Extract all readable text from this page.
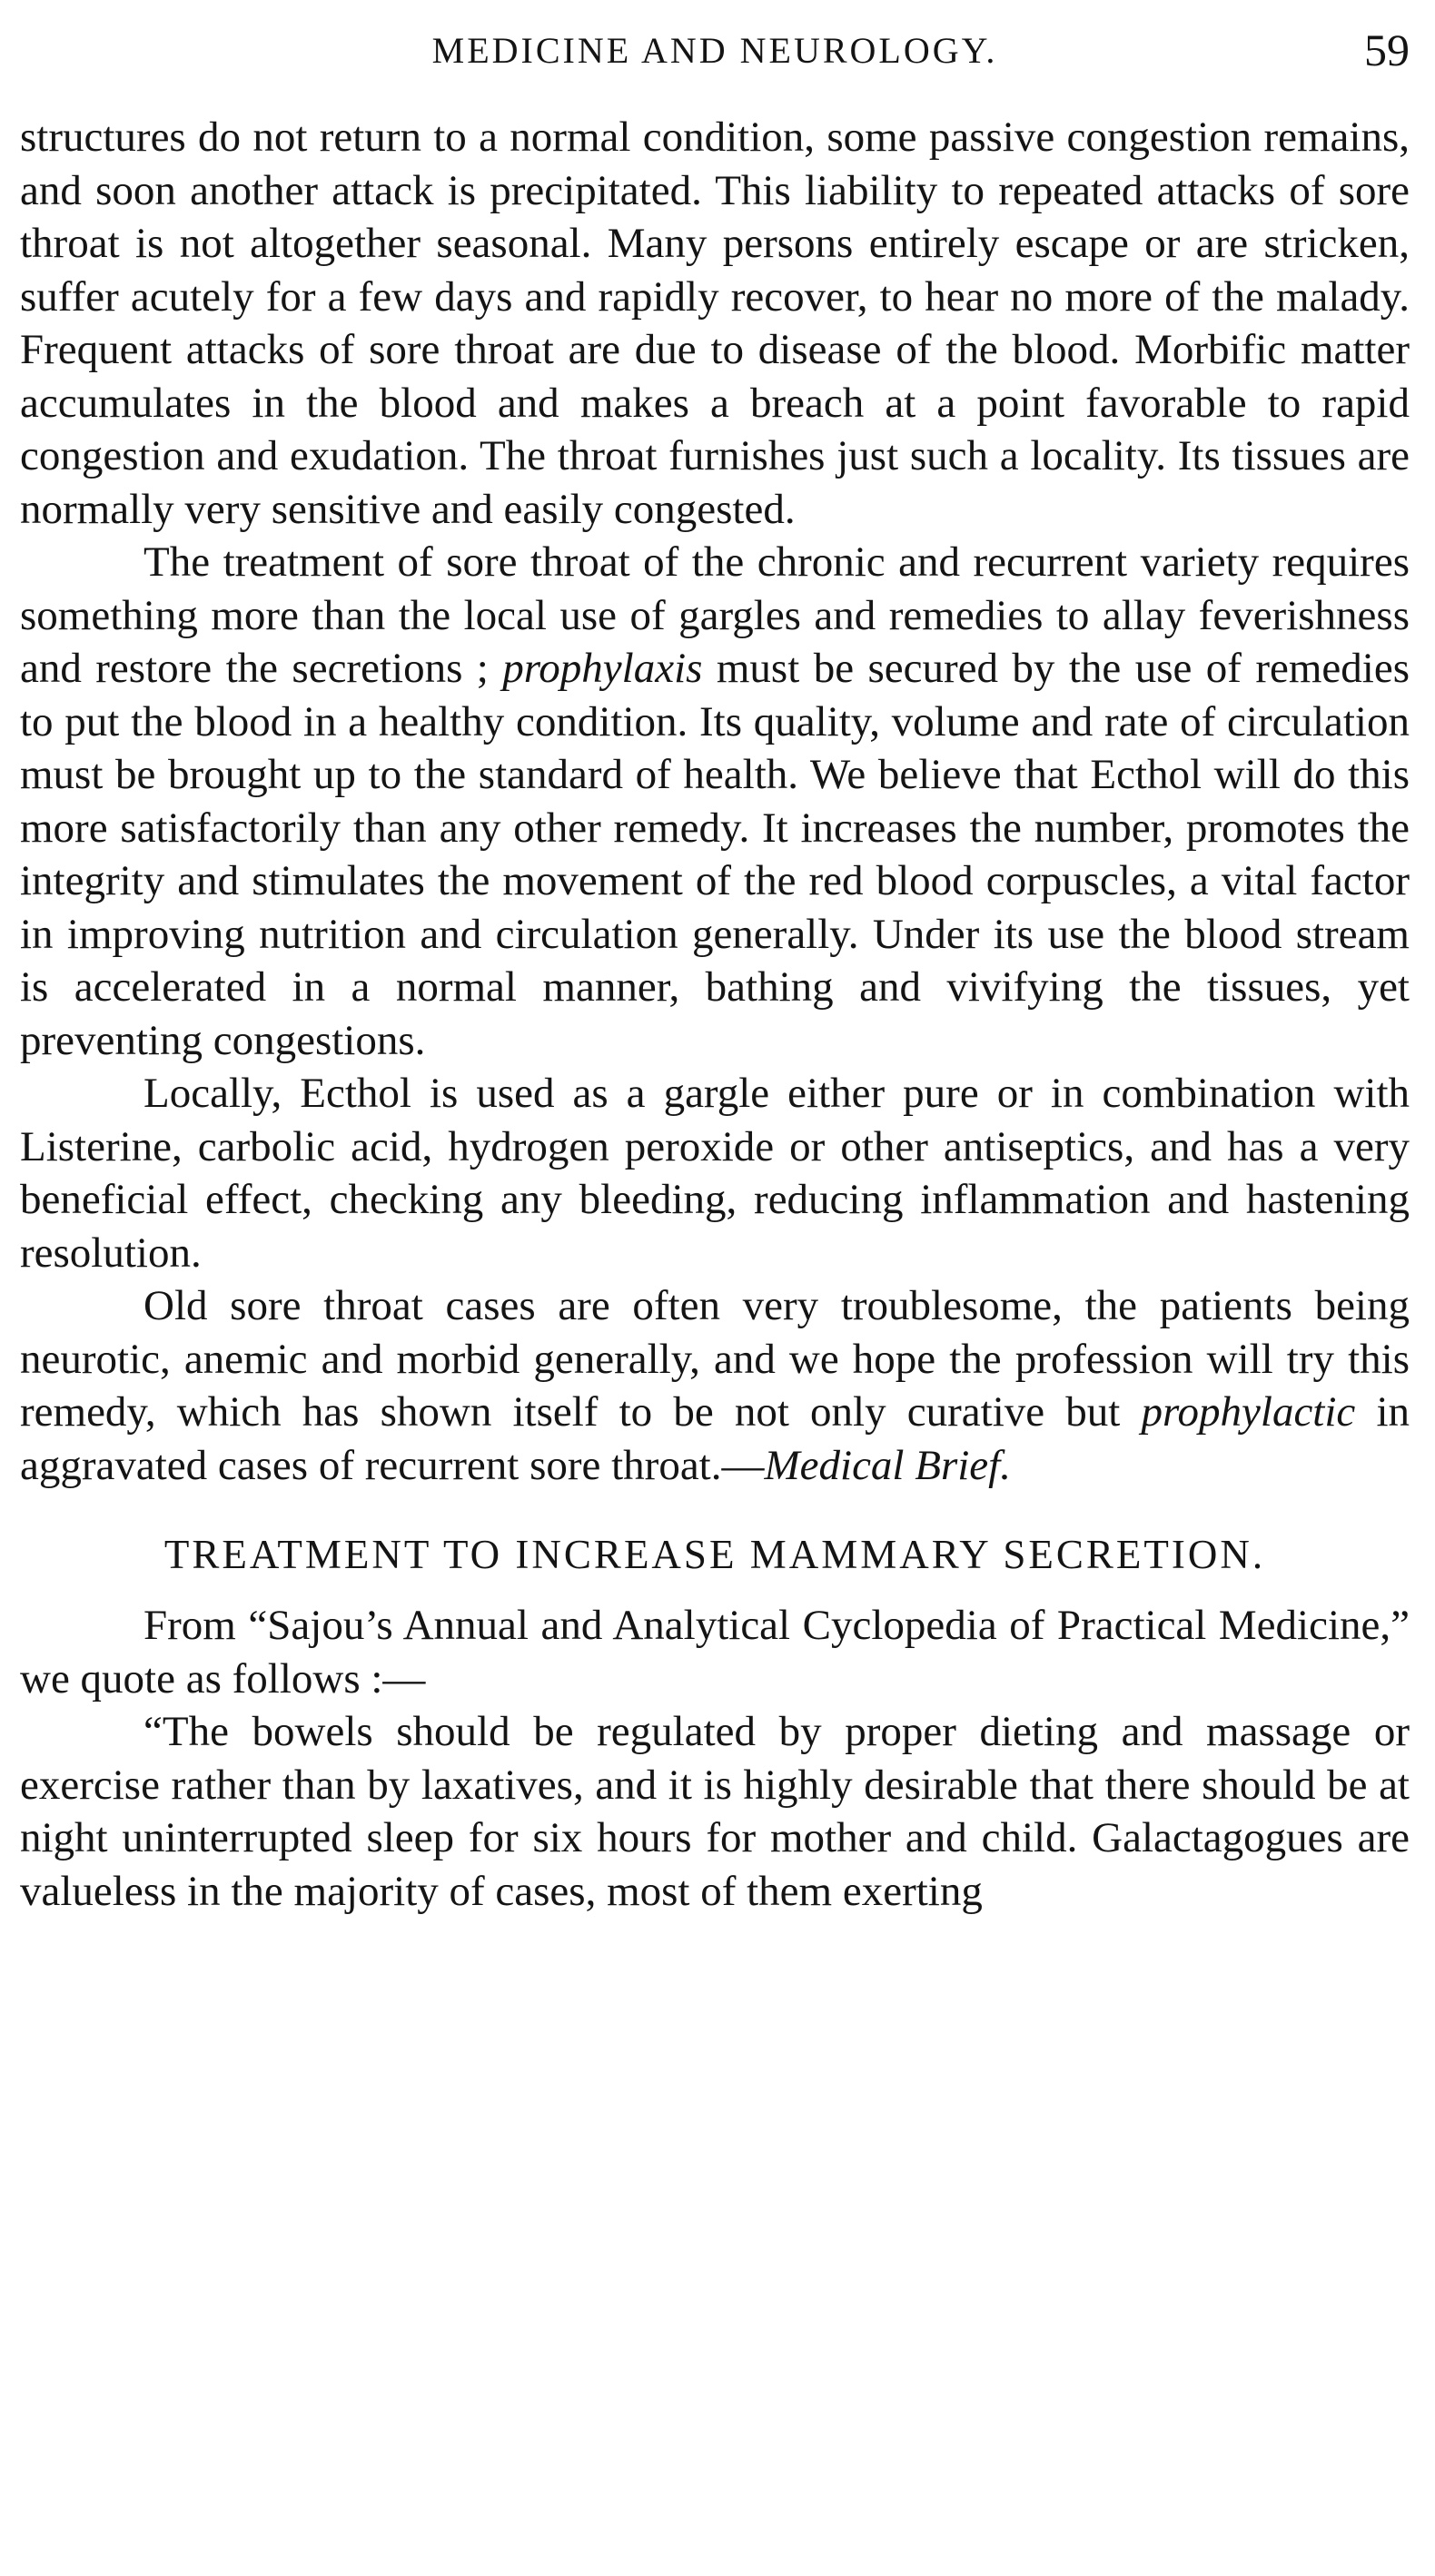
MEDICINE AND NEUROLOGY.	59

structures do not return to a normal condition, some passive congestion remains, and soon another attack is precipitated. This liability to repeated attacks of sore throat is not altogether seasonal. Many persons entirely escape or are stricken, suffer acutely for a few days and rapidly recover, to hear no more of the malady. Frequent attacks of sore throat are due to disease of the blood. Morbific matter accumulates in the blood and makes a breach at a point favorable to rapid congestion and exudation. The throat furnishes just such a locality. Its tissues are normally very sensitive and easily congested.

The treatment of sore throat of the chronic and recurrent variety requires something more than the local use of gargles and remedies to allay feverishness and restore the secretions ; prophylaxis must be secured by the use of remedies to put the blood in a healthy condition. Its quality, volume and rate of circulation must be brought up to the standard of health. We believe that Ecthol will do this more satisfactorily than any other remedy. It increases the number, promotes the integrity and stimulates the movement of the red blood corpuscles, a vital factor in improving nutrition and circulation generally. Under its use the blood stream is accelerated in a normal manner, bathing and vivifying the tissues, yet preventing congestions.

Locally, Ecthol is used as a gargle either pure or in combination with Listerine, carbolic acid, hydrogen peroxide or other antiseptics, and has a very beneficial effect, checking any bleeding, reducing inflammation and hastening resolution.

Old sore throat cases are often very troublesome, the patients being neurotic, anemic and morbid generally, and we hope the profession will try this remedy, which has shown itself to be not only curative but prophylactic in aggravated cases of recurrent sore throat.—Medical Brief.

TREATMENT TO INCREASE MAMMARY SECRETION.

From “Sajou’s Annual and Analytical Cyclopedia of Practical Medicine,” we quote as follows :—

“The bowels should be regulated by proper dieting and massage or exercise rather than by laxatives, and it is highly desirable that there should be at night uninterrupted sleep for six hours for mother and child. Galactagogues are valueless in the majority of cases, most of them exerting
